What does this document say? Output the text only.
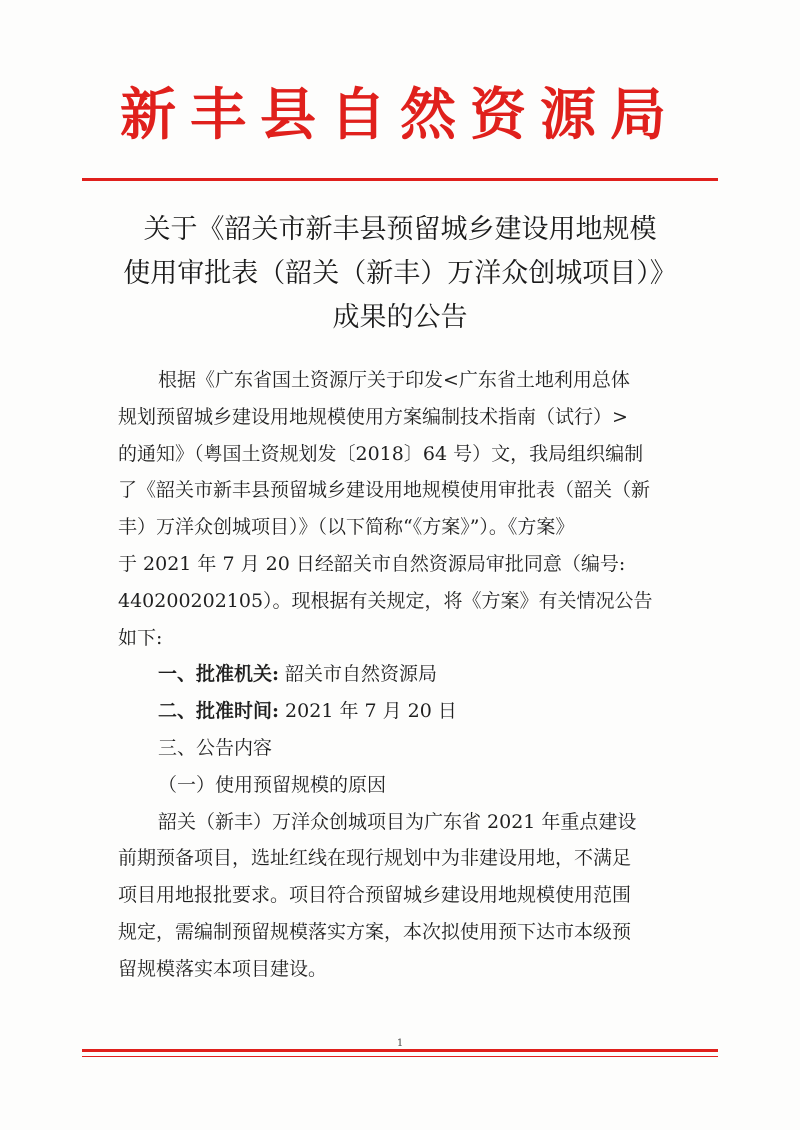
新丰县自然资源局
关于《韶关市新丰县预留城乡建设用地规模
使用审批表（韶关（新丰）万洋众创城项目）》
成果的公告
根据《广东省国土资源厅关于印发<广东省土地利用总体
规划预留城乡建设用地规模使用方案编制技术指南（试行）>
的通知》（粤国土资规划发〔2018〕64 号）文，我局组织编制
了《韶关市新丰县预留城乡建设用地规模使用审批表（韶关（新
丰）万洋众创城项目）》（以下简称“《方案》”）。《方案》
于 2021 年 7 月 20 日经韶关市自然资源局审批同意（编号:
440200202105）。现根据有关规定，将《方案》有关情况公告
如下:
一、批准机关: 韶关市自然资源局
二、批准时间: 2021 年 7 月 20 日
三、公告内容
（一）使用预留规模的原因
韶关（新丰）万洋众创城项目为广东省 2021 年重点建设
前期预备项目，选址红线在现行规划中为非建设用地，不满足
项目用地报批要求。项目符合预留城乡建设用地规模使用范围
规定，需编制预留规模落实方案，本次拟使用预下达市本级预
留规模落实本项目建设。
1
